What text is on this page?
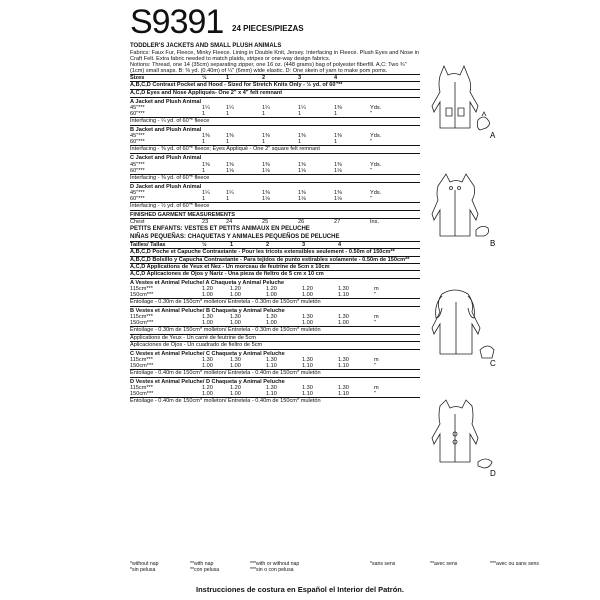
S9391 24 PIECES/PIEZAS
TODDLER'S JACKETS AND SMALL PLUSH ANIMALS

Fabrics: Faux Fur, Fleece, Minky Fleece. Lining in Double Knit, Jersey. Interfacing in Fleece. Plush Eyes and Nose in Craft Felt. Extra fabric needed to match plaids, stripes or one-way design fabrics.

Notions: Thread, one 14 (35cm) separating zipper, one 16 oz. (448 grams) bag of polyester fiberfill. A,C: Two ¾" (1cm) small snaps. B: ⅜ yd. (0.40m) of ¼" (6mm) wide elastic. D: One skein of yarn to make pom poms.

Sizes	½	1	2	3	4
A,B,C,D Contrast Pocket and Hood - Sized for Stretch Knits Only - ½ yd. of 60"**
A,C,D Eyes and Nose Appliqués- One 2" x 4" felt remnant
A Jacket and Plush Animal
45"***	1¼	1¼	1¼	1¼	1⅜	Yds.
60"***	1	1	1	1	1	"
Interfacing - ¼ yd. of 60"* fleece
B Jacket and Plush Animal
45"***	1⅜	1⅜	1⅜	1⅜	1⅜	Yds.
60"***	1	1	1	1	1	"
Interfacing - ⅜ yd. of 60"* fleece; Eyes Appliqué - One 2" square felt remnant
C Jacket and Plush Animal
45"***	1⅜	1⅜	1⅜	1⅜	1⅜	Yds.
60"***	1	1⅛	1⅛	1⅛	1⅛	"
Interfacing - ⅜ yd. of 60"* fleece
D Jacket and Plush Animal
45"***	1¼	1¼	1⅜	1⅜	1⅜	Yds.
60"***	1	1	1⅛	1⅛	1⅛	"
Interfacing - ½ yd. of 60"* fleece
FINISHED GARMENT MEASUREMENTS
Chest	23	24	25	26	27	Ins.
PETITS ENFANTS: VESTES ET PETITS ANIMAUX EN PELUCHE
NIÑAS PEQUEÑAS: CHAQUETAS Y ANIMALES PEQUEÑOS DE PELUCHE
Tailles/ Tallas	½	1	2	3	4
A,B,C,D Poche et Capuche Contrastante - Pour les tricots extensibles seulement - 0.50m of 150cm**
A,B,C,D Bolsillo y Capucha Contrastante - Para tejidos de punto estirables solamente - 0.50m de 150cm**
A,C,D Applications de Yeux et Nez - Un morceau de feutrine de 5cm x 10cm
A,C,D Aplicaciones de Ojos y Nariz - Una pieza de fieltro de 5 cm x 10 cm
A Vestes et Animal Peluche/ A Chaqueta y Animal Peluche
115cm***	1.20	1.20	1.20	1.20	1.30	m
150cm***	1.00	1.00	1.00	1.00	1.10	"
Entoilage - 0.30m de 150cm* molleton/ Entretela - 0.30m de 150cm* muletón
B Vestes et Animal Peluche/ B Chaqueta y Animal Peluche
115cm***	1.30	1.30	1.30	1.30	1.30	m
150cm***	1.00	1.00	1.00	1.00	1.00	"
Entoilage - 0.30m de 150cm* molleton/ Entretela - 0.30m de 150cm* muletón
Applications de Yeux - Un carré de feutrine de 5cm
Aplicaciones de Ojos - Un cuadrado de fieltro de 5cm
C Vestes et Animal Peluche/ C Chaqueta y Animal Peluche
115cm***	1.30	1.30	1.30	1.30	1.30	m
150cm***	1.00	1.00	1.10	1.10	1.10	"
Entoilage - 0.40m de 150cm* molleton/ Entretela - 0.40m de 150cm* muletón
D Vestes et Animal Peluche/ D Chaqueta y Animal Peluche
115cm***	1.20	1.20	1.30	1.30	1.30	m
150cm***	1.00	1.00	1.10	1.10	1.10	"
Entoilage - 0.40m de 150cm* molleton/ Entretela - 0.40m de 150cm* muletón
*without nap	**with nap	***with or without nap	*sans sens	**avec sens	***avec ou sans sens
*sin pelusa	**con pelusa	***sin o con pelusa
Instrucciones de costura en Español el Interior del Patrón.
A
B
C
D
